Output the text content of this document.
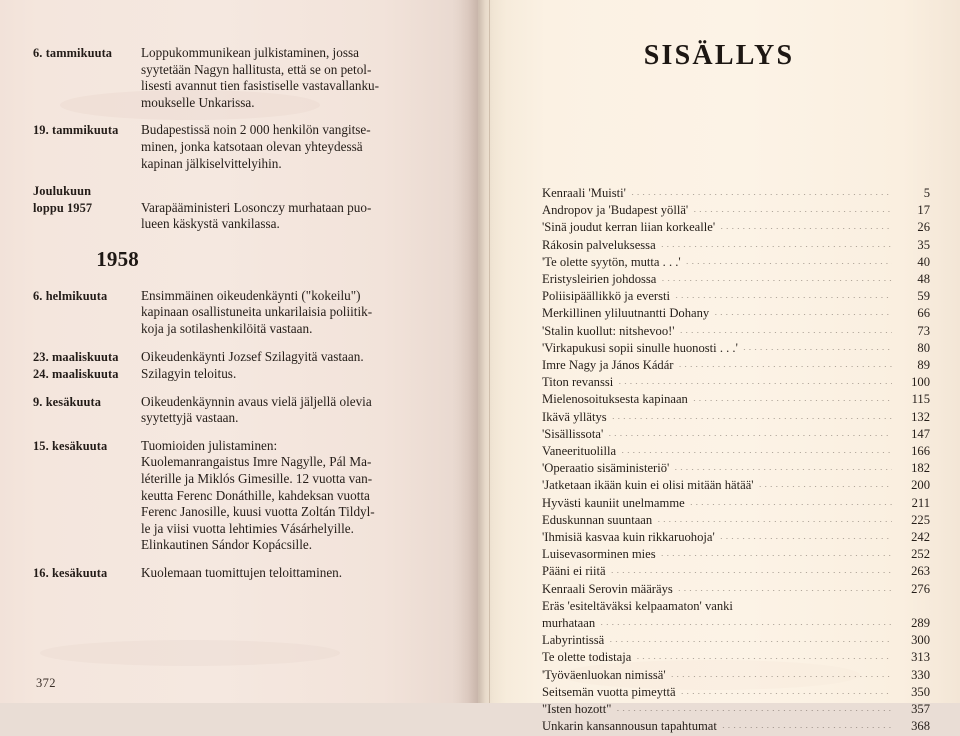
6. tammikuuta	Loppukommunikean julkistaminen, jossa
syytetään Nagyn hallitusta, että se on petol-
lisesti avannut tien fasistiselle vastavallanku-
moukselle Unkarissa.
19. tammikuuta	Budapestissä noin 2 000 henkilön vangitse-
minen, jonka katsotaan olevan yhteydessä
kapinan jälkiselvittelyihin.
Joulukuun
loppu 1957	Varapääministeri Losonczy murhataan puo-
lueen käskystä vankilassa.
1958
6. helmikuuta	Ensimmäinen oikeudenkäynti ("kokeilu")
kapinaan osallistuneita unkarilaisia poliitik-
koja ja sotilashenkilöitä vastaan.
23. maaliskuuta	Oikeudenkäynti Jozsef Szilagyitä vastaan.
24. maaliskuuta	Szilagyin teloitus.
9. kesäkuuta	Oikeudenkäynnin avaus vielä jäljellä olevia
syytettyjä vastaan.
15. kesäkuuta	Tuomioiden julistaminen:
Kuolemanrangaistus Imre Nagylle, Pál Ma-
léterille ja Miklós Gimesille. 12 vuotta van-
keutta Ferenc Donáthille, kahdeksan vuotta
Ferenc Janosille, kuusi vuotta Zoltán Tildyl-
le ja viisi vuotta lehtimies Vásárhelyille.
Elinkautinen Sándor Kopácsille.
16. kesäkuuta	Kuolemaan tuomittujen teloittaminen.
372
SISÄLLYS
Kenraali 'Muisti' .....	5
Andropov ja 'Budapest yöllä' .....	17
'Sinä joudut kerran liian korkealle' .....	26
Rákosin palveluksessa .....	35
'Te olette syytön, mutta . . .' .....	40
Eristysleirien johdossa .....	48
Poliisipäällikkö ja eversti .....	59
Merkillinen yliluutnantti Dohany .....	66
'Stalin kuollut: nitshevoo!' .....	73
'Virkapukusi sopii sinulle huonosti . . .' .....	80
Imre Nagy ja János Kádár .....	89
Titon revanssi .....	100
Mielenosoituksesta kapinaan .....	115
Ikävä yllätys .....	132
'Sisällissota' .....	147
Vaneerituolilla .....	166
'Operaatio sisäministeriö' .....	182
'Jatketaan ikään kuin ei olisi mitään hätää' .....	200
Hyvästi kauniit unelmamme .....	211
Eduskunnan suuntaan .....	225
'Ihmisiä kasvaa kuin rikkaruohoja' .....	242
Luisevasorminen mies .....	252
Pääni ei riitä .....	263
Kenraali Serovin määräys .....	276
Eräs 'esiteltäväksi kelpaamaton' vanki
murhataan .....	289
Labyrintissä .....	300
Te olette todistaja .....	313
'Työväenluokan nimissä' .....	330
Seitsemän vuotta pimeyttä .....	350
"Isten hozott" .....	357
Unkarin kansannousun tapahtumat .....	368
